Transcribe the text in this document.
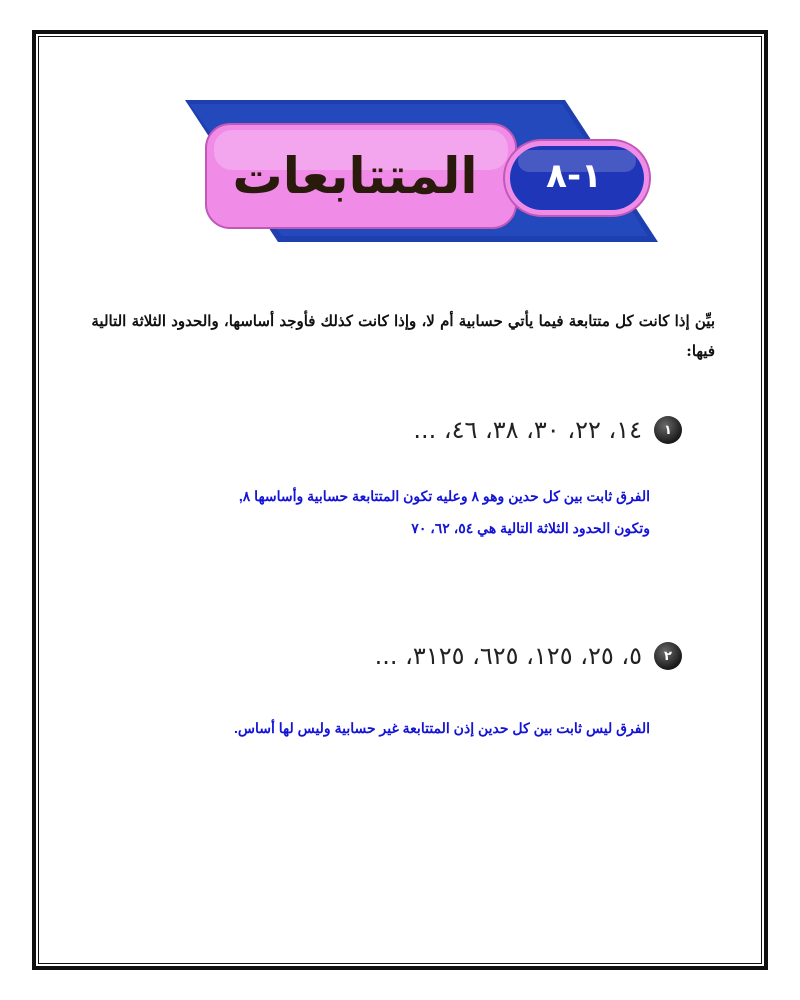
المتتابعات	١-٨
بيِّن إذا كانت كل متتابعة فيما يأتي حسابية أم لا، وإذا كانت كذلك فأوجد أساسها، والحدود الثلاثة التالية فيها:
١
١٤، ٢٢، ٣٠، ٣٨، ٤٦، ...

الفرق ثابت بين كل حدين وهو ٨ وعليه تكون المتتابعة حسابية وأساسها ٨,

وتكون الحدود الثلاثة التالية هي ٥٤، ٦٢، ٧٠

٢
٥، ٢٥، ١٢٥، ٦٢٥، ٣١٢٥، ...

الفرق ليس ثابت بين كل حدين إذن المتتابعة غير حسابية وليس لها أساس.
